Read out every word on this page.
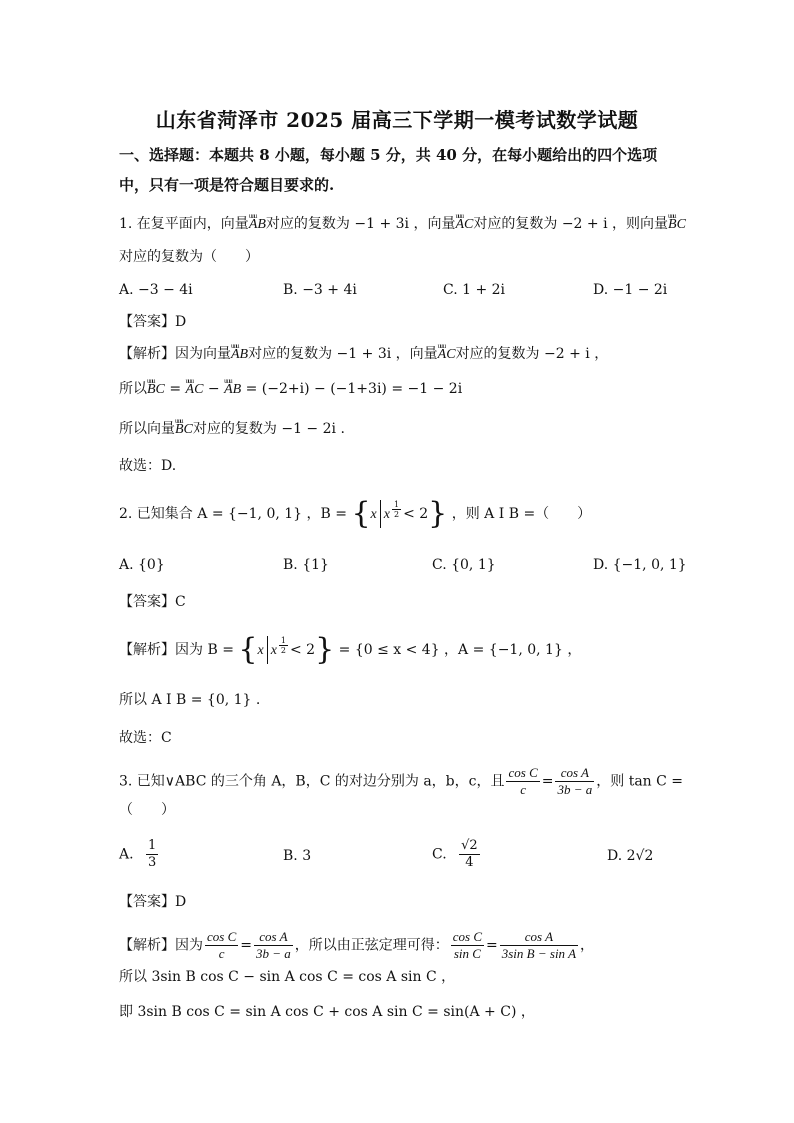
山东省菏泽市 2025 届高三下学期一模考试数学试题
一、选择题：本题共 8 小题，每小题 5 分，共 40 分，在每小题给出的四个选项
中，只有一项是符合题目要求的.
1. 在复平面内，向量uuu AB对应的复数为 −1 + 3i ，向量uuu AC对应的复数为 −2 + i ，则向量uuu BC
对应的复数为（　　）
A. −3 − 4i	B. −3 + 4i	C. 1 + 2i	D. −1 − 2i
【答案】D
【解析】因为向量uuu AB对应的复数为 −1 + 3i ，向量uuu AC对应的复数为 −2 + i ，
所以uuu BC = uuu AC − uuu AB = (−2+i) − (−1+3i) = −1 − 2i
所以向量uuu BC对应的复数为 −1 − 2i .
故选：D.
2. 已知集合 A = {−1, 0, 1} ，B = {x x $^{\frac{1}{2}}$ < 2} ，则 A I B =（　　）
A. {0}	B. {1}	C. {0, 1}	D. {−1, 0, 1}
【答案】C
【解析】因为 B = {x x $^{\frac{1}{2}}$ < 2} = {0 ≤ x < 4} ，A = {−1, 0, 1} ，
所以 A I B = {0, 1} .
故选：C
3. 已知∨ABC 的三个角 A，B，C 的对边分别为 a，b，c，且 $\frac{\text{cos C}}{c} = \frac{\text{cos A}}{3b - a}$ ，则 tan C =
（　　）
A. $\frac{1}{3}$	B. 3	C. $\frac{√2}{4}$	D. 2√2
【答案】D
【解析】因为 $\frac{\text{cos C}}{c} = \frac{\text{cos A}}{3b - a}$ ，所以由正弦定理可得： $\frac{\text{cos C}}{\text{sin C}} = \frac{\text{cos A}}{\text{3sin B − sin A}}$ ，
所以 3sin B cos C − sin A cos C = cos A sin C ，
即 3sin B cos C = sin A cos C + cos A sin C = sin(A + C) ，
